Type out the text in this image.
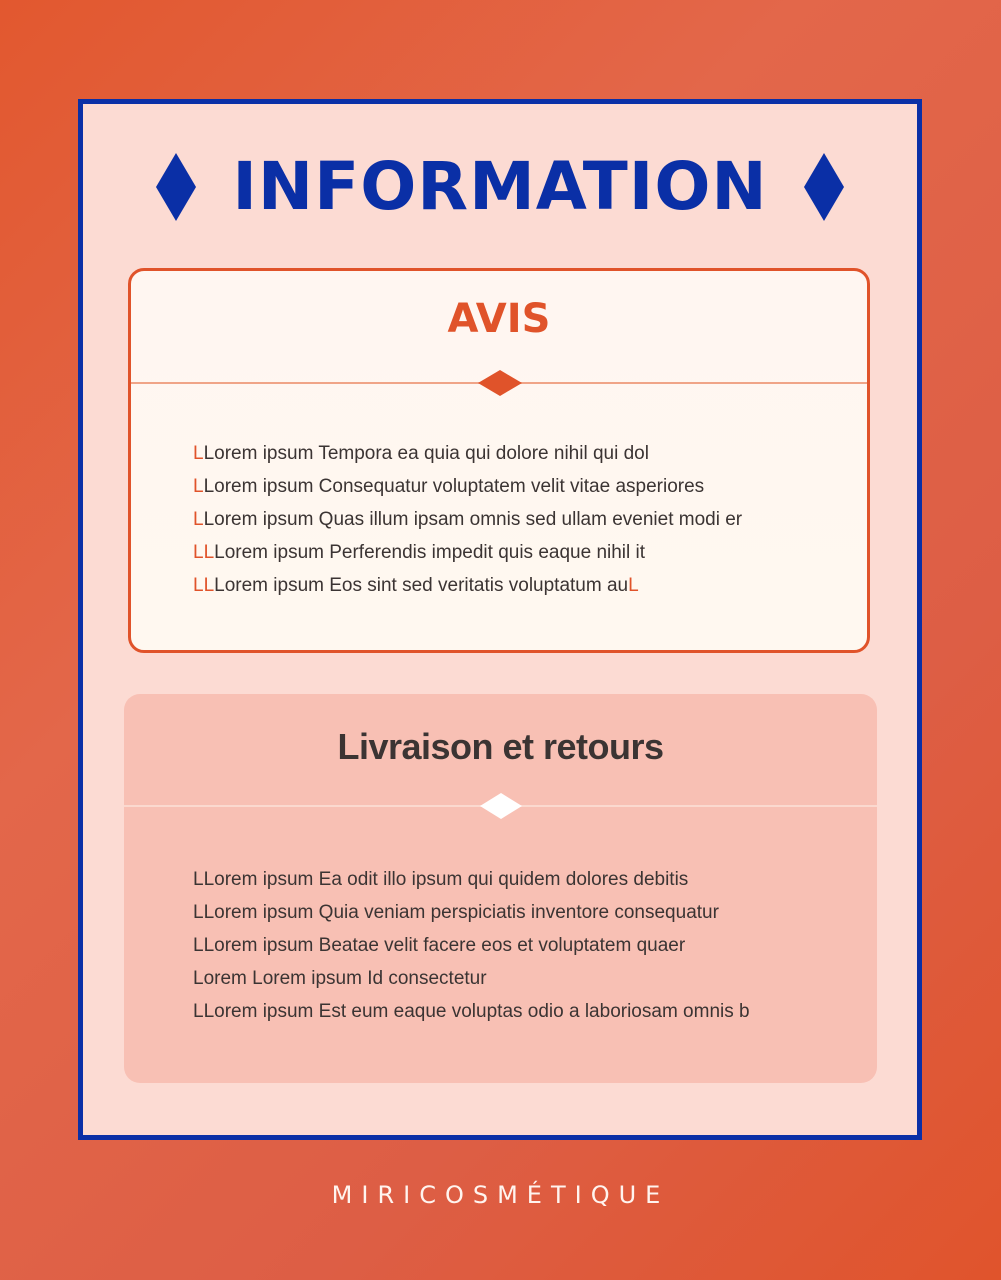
INFORMATION
AVIS
LLorem ipsum Tempora ea quia qui dolore nihil qui dol
LLorem ipsum Consequatur voluptatem velit vitae asperiores
LLorem ipsum Quas illum ipsam omnis sed ullam eveniet modi er
LLLorem ipsum Perferendis impedit quis eaque nihil it
LLLorem ipsum Eos sint sed veritatis voluptatum auL
Livraison et retours
LLorem ipsum Ea odit illo ipsum qui quidem dolores debitis
LLorem ipsum Quia veniam perspiciatis inventore consequatur
LLorem ipsum Beatae velit facere eos et voluptatem quaer
Lorem Lorem ipsum Id consectetur
LLorem ipsum Est eum eaque voluptas odio a laboriosam omnis b
MIRICOSMÉTIQUE
